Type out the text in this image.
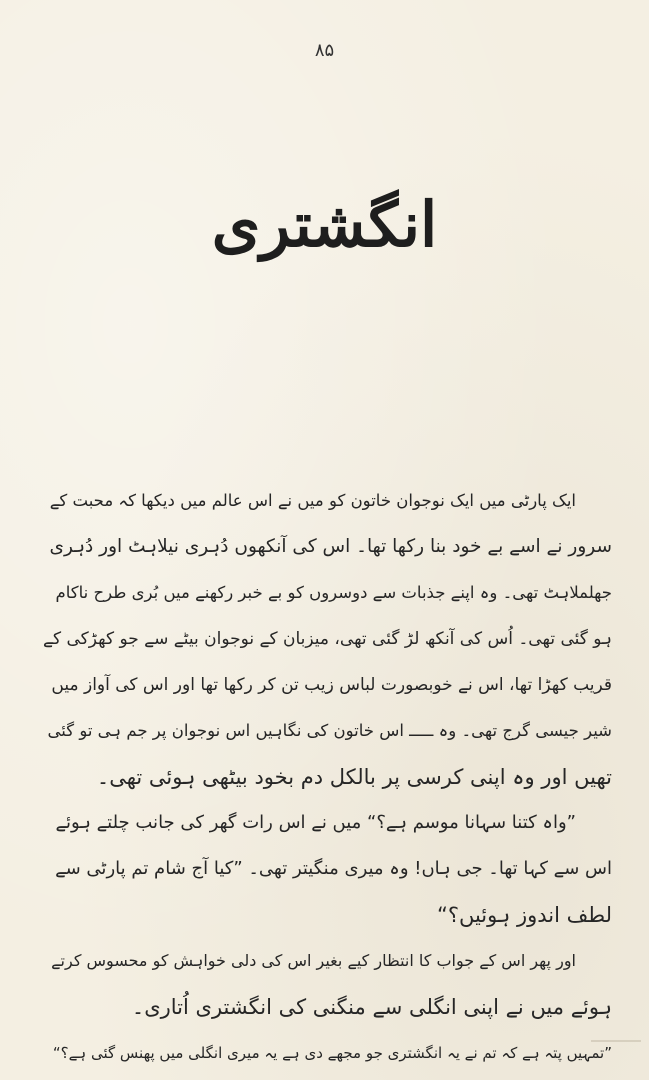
۸۵
انگشتری
ایک پارٹی میں ایک نوجوان خاتون کو میں نے اس عالم میں دیکھا کہ محبت کے
سرور نے اسے بے خود بنا رکھا تھا۔ اس کی آنکھوں دُہری نیلاہٹ اور دُہری
جھلملاہٹ تھی۔ وہ اپنے جذبات سے دوسروں کو بے خبر رکھنے میں بُری طرح ناکام
ہو گئی تھی۔ اُس کی آنکھ لڑ گئی تھی، میزبان کے نوجوان بیٹے سے جو کھڑکی کے
قریب کھڑا تھا، اس نے خوبصورت لباس زیب تن کر رکھا تھا اور اس کی آواز میں
شیر جیسی گرج تھی۔ وہ ـــــ اس خاتون کی نگاہیں اس نوجوان پر جم ہی تو گئی
تھیں اور وہ اپنی کرسی پر بالکل دم بخود بیٹھی ہوئی تھی۔
”واہ کتنا سہانا موسم ہے؟“ میں نے اس رات گھر کی جانب چلتے ہوئے
اس سے کہا تھا۔ جی ہاں! وہ میری منگیتر تھی۔ ”کیا آج شام تم پارٹی سے
لطف اندوز ہوئیں؟“
اور پھر اس کے جواب کا انتظار کیے بغیر اس کی دلی خواہش کو محسوس کرتے
ہوئے میں نے اپنی انگلی سے منگنی کی انگشتری اُتاری۔
”تمہیں پتہ ہے کہ تم نے یہ انگشتری جو مجھے دی ہے یہ میری انگلی میں پھنس گئی ہے؟“
